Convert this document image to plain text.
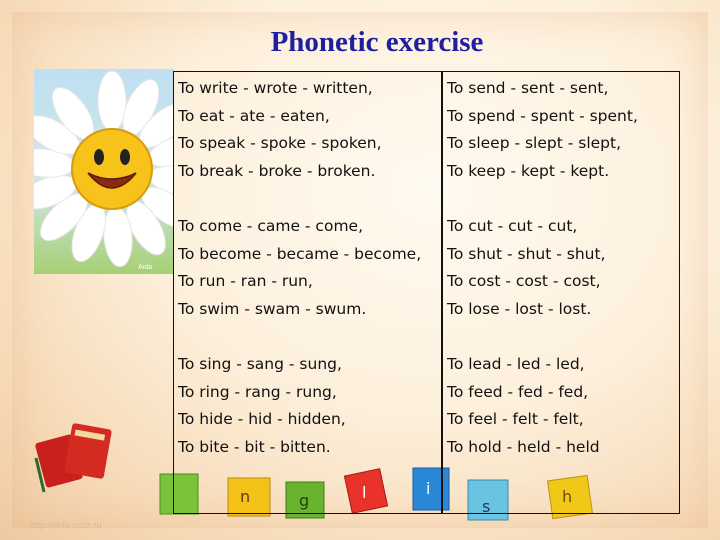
Phonetic exercise
Aida
n	g	l	i
s
h
To write - wrote - written,
To eat - ate - eaten,
To speak - spoke - spoken,
To break - broke - broken.
To come - came - come,
To become - became - become,
To run - ran - run,
To swim - swam - swum.
To sing - sang - sung,
To ring - rang - rung,
To hide - hid - hidden,
To bite - bit - bitten.
To send - sent - sent,
To spend - spent - spent,
To sleep - slept - slept,
To keep - kept - kept.
To cut - cut - cut,
To shut - shut - shut,
To cost - cost - cost,
To lose - lost - lost.
To lead - led - led,
To feed - fed - fed,
To feel - felt - felt,
To hold - held - held
http://aida.ucoz.ru
